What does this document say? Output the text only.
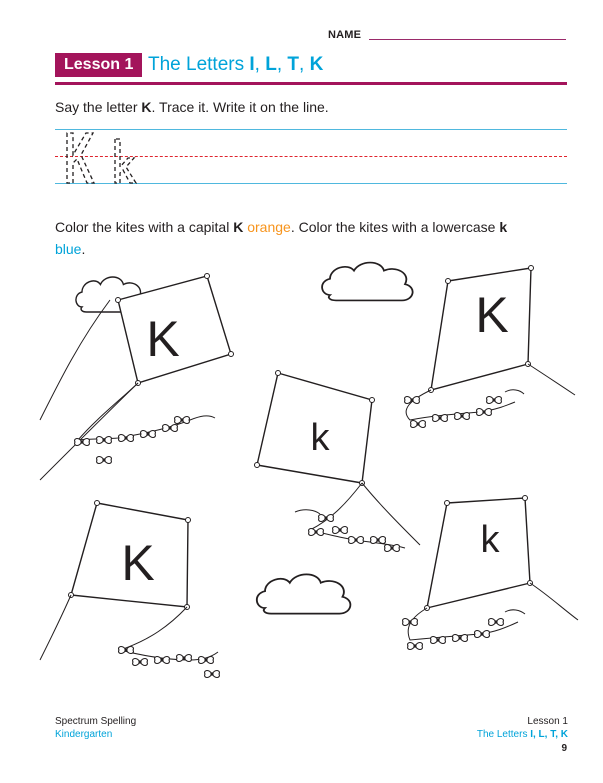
NAME
Lesson 1 The Letters I, L, T, K
Say the letter K. Trace it. Write it on the line.
Color the kites with a capital K orange. Color the kites with a lowercase k blue.
K
k
K
K
k
Spectrum Spelling
Kindergarten
Lesson 1
The Letters I, L, T, K
9
